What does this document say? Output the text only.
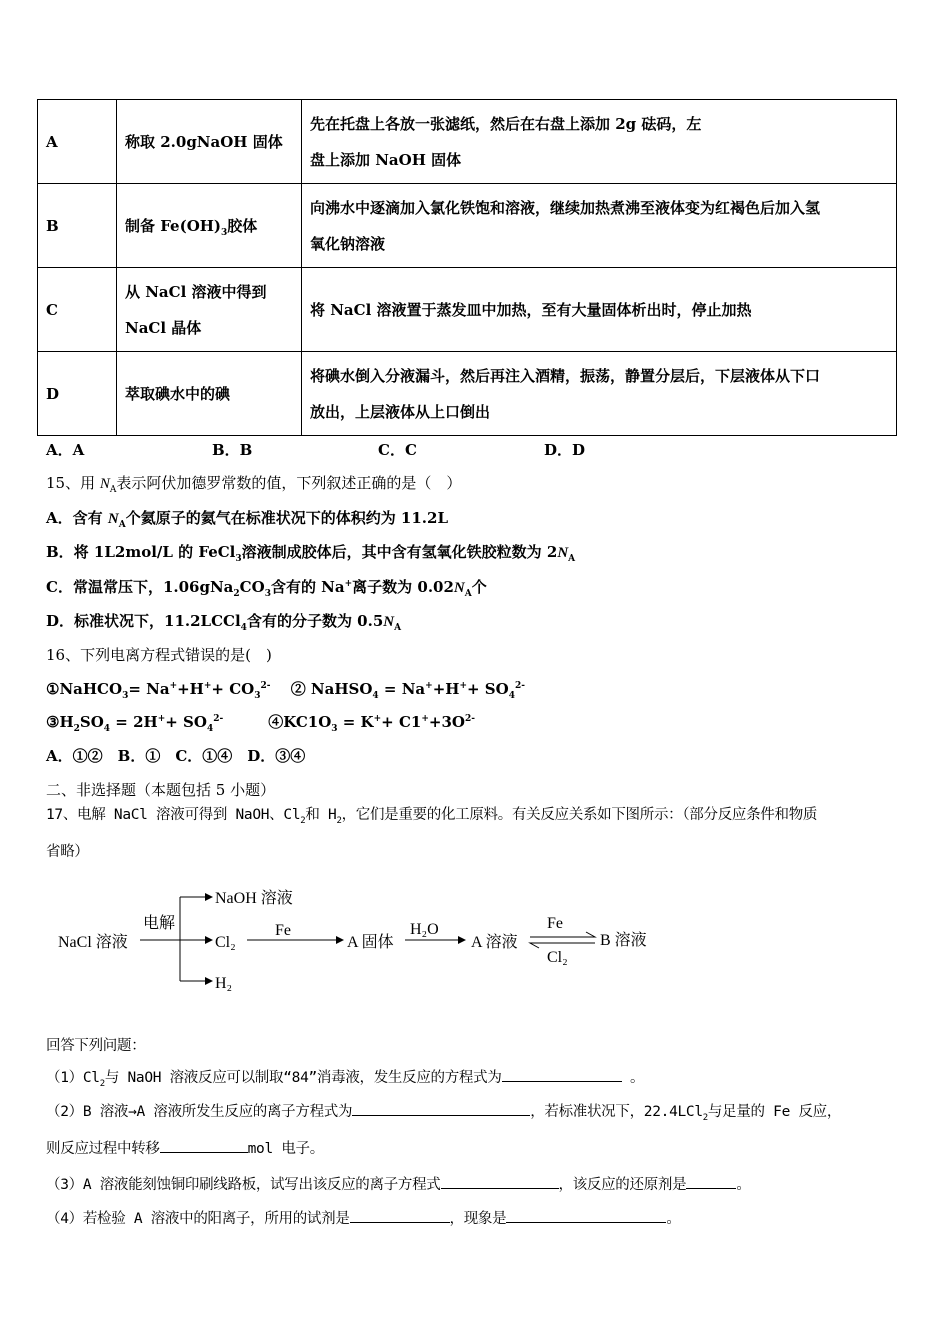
A	称取 2.0gNaOH 固体	先在托盘上各放一张滤纸，然后在右盘上添加 2g 砝码，左
盘上添加 NaOH 固体

B	制备 $Fe(OH)_3$胶体	向沸水中逐滴加入氯化铁饱和溶液，继续加热煮沸至液体变为红褐色后加入氢
氧化钠溶液

C	从 NaCl 溶液中得到
NaCl 晶体	将 NaCl 溶液置于蒸发皿中加热，至有大量固体析出时，停止加热

D	萃取碘水中的碘	将碘水倒入分液漏斗，然后再注入酒精，振荡，静置分层后，下层液体从下口
放出，上层液体从上口倒出
A．A	B．B	C．C	D．D
15、用 $N_A$表示阿伏加德罗常数的值，下列叙述正确的是（　）
A．含有 $N_A$个氦原子的氦气在标准状况下的体积约为 11.2L
B．将 1L2mol/L 的 FeCl$_3$溶液制成胶体后，其中含有氢氧化铁胶粒数为 $2N_A$
C．常温常压下，$1.06gNa_2CO_3$含有的 Na+离子数为 $0.02N_A$个
D．标准状况下，11.2LCCl$_4$含有的分子数为 $0.5N_A$
16、下列电离方程式错误的是(　)
①NaHCO$_3$= $Na^++H^++ CO_3^{2-}$　 ② NaHSO$_4$ = $Na^++H^++ SO_4^{2-}$
$③H_2SO_4 = 2H^++ SO_4^{2-}$　　　$④KC1O_3 = K^++ C1^++3O^{2-}$
A．①②　B．①　C．①④　D．③④
二、非选择题（本题包括 5 小题）
17、电解 NaCl 溶液可得到 NaOH、$Cl_2$和 $H_2$，它们是重要的化工原料。有关反应关系如下图所示：（部分反应条件和物质
省略）
NaCl 溶液
电解
NaOH 溶液
Cl₂
H₂
Fe
A 固体
H₂O
A 溶液
Fe
Cl₂
B 溶液
回答下列问题：
$(1)Cl_2$与 NaOH 溶液反应可以制取“84”消毒液，发生反应的方程式为	。
（2）B 溶液→A 溶液所发生反应的离子方程式为	，若标准状况下，22.4LCl$_2$与足量的 Fe 反应，
则反应过程中转移	mol 电子。
（3）A 溶液能刻蚀铜印刷线路板，试写出该反应的离子方程式	，该反应的还原剂是	。
（4）若检验 A 溶液中的阳离子，所用的试剂是	，现象是	。
